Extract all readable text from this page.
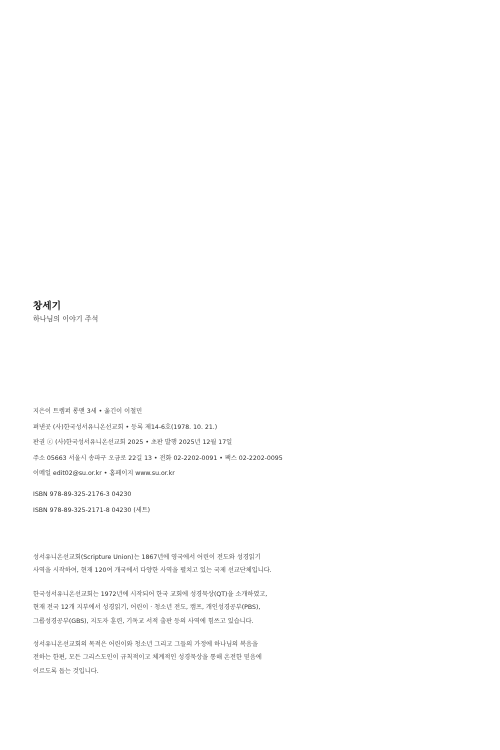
창세기
하나님의 이야기 주석
지은이 트렘퍼 롱맨 3세 • 옮긴이 이철민
펴낸곳 (사)한국성서유니온선교회 • 등록 제14-6호(1978. 10. 21.)
판권 ⓒ (사)한국성서유니온선교회 2025 • 초판 발행 2025년 12월 17일
주소 05663 서울시 송파구 오금로 22길 13 • 전화 02-2202-0091 • 팩스 02-2202-0095
이메일 edit02@su.or.kr • 홈페이지 www.su.or.kr
ISBN 978-89-325-2176-3 04230
ISBN 978-89-325-2171-8 04230 (세트)
성서유니온선교회(Scripture Union)는 1867년에 영국에서 어린이 전도와 성경읽기
사역을 시작하여, 현재 120여 개국에서 다양한 사역을 펼치고 있는 국제 선교단체입니다.
한국성서유니온선교회는 1972년에 시작되어 한국 교회에 성경묵상(QT)을 소개하였고,
현재 전국 12개 지부에서 성경읽기, 어린이 · 청소년 전도, 캠프, 개인성경공부(PBS),
그룹성경공부(GBS), 지도자 훈련, 기독교 서적 출판 등의 사역에 힘쓰고 있습니다.
성서유니온선교회의 목적은 어린이와 청소년 그리고 그들의 가정에 하나님의 복음을
전하는 한편, 모든 그리스도인이 규칙적이고 체계적인 성경묵상을 통해 온전한 믿음에
이르도록 돕는 것입니다.
